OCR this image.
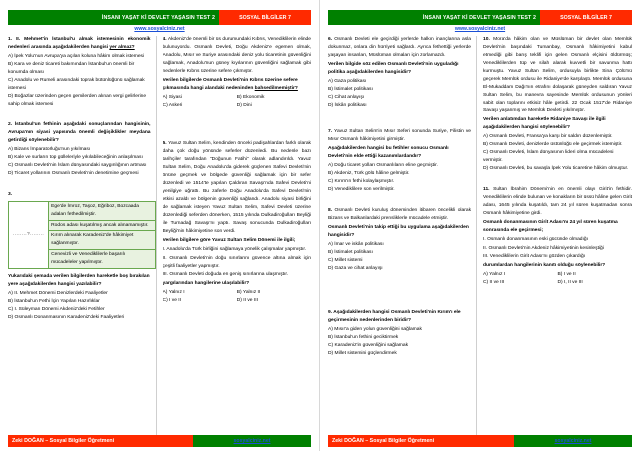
İNSANI YAŞAT Kİ DEVLET YAŞASIN TEST 2	SOSYAL BİLGİLER 7
www.sosyalciniz.net

1. II. Mehmet'in İstanbul'u almak istemesinin ekonomik nedenleri arasında aşağıdakilerden hangisi yer almaz?

A) İpek Yolu'nun Avrupa'ya açılan koluna hâkim olmak istemesi

B) Kara ve deniz ticareti bakımından İstanbul'un önemli bir konumda olması

C) Anadolu ve Rumeli arasındaki toprak bütünlüğünü sağlamak istemesi

D) Boğazlar üzerinden geçen gemilerden alınan vergi gelirlerine sahip olmak istemesi

2. İstanbul'un fethinin aşağıdaki sonuçlarından hangisinin, Avrupa'nın siyasi yapısında önemli değişiklikler meydana getirdiği söylenebilir?

A) Bizans İmparatorluğu'nun yıkılması

B) Kale ve surların top gülleleriyle yıkılabileceğinin anlaşılması

C) Osmanlı Devleti'nin İslam dünyasındaki saygınlığının artması

D) Ticaret yollarının Osmanlı Devleti'nin denetimine geçmesi

3.

........?........
Ege'de İmroz, Taşoz, Eğriboz, Bozcaada adaları fethedilmiştir.
Rodos adası kuşatılmış ancak alınamamıştır.
Kırım alınarak Karadeniz'de hâkimiyet sağlanmıştır.
Cenevizli ve Venediklilerle başarılı mücadeleler yapılmıştır.

Yukarıdaki şemada verilen bilgilerden hareketle boş bırakılan yere aşağıdakilerden hangisi yazılabilir?

A) II. Mehmet Dönemi Denizlerdeki Faaliyetler

B) İstanbul'un Fethi İçin Yapılan Hazırlıklar

C) I. Süleyman Dönemi Akdeniz'deki Fetihler

D) Osmanlı Donanmasının Karadeniz'deki Faaliyetleri

4. Akdeniz'de önemli bir üs durumundaki Kıbrıs, Venediklilerin elinde bulunuyordu. Osmanlı Devleti, Doğu Akdeniz'e egemen olmak, Anadolu, Mısır ve Suriye arasındaki deniz yolu ticaretinin güvenliğini sağlamak, Anadolu'nun güney kıyılarının güvenliğini sağlamak gibi nedenlerle Kıbrıs üzerine sefere çıkmıştır.

Verilen bilgilerde Osmanlı Devleti'nin Kıbrıs üzerine sefere çıkmasında hangi alandaki nedeninden bahsedilmemiştir?

A) Siyasi	B) Ekonomik

C) Askeri	D) Dini

5. Yavuz Sultan Selim, kendinden önceki padişahlardan farklı olarak daha çok doğu yönünde seferler düzenledi. Bu nedenle bazı tarihçiler tarafından "Doğunun Fatihi" olarak adlandırıldı. Yavuz Sultan Selim, Doğu Anadolu'da giderek güçlenen Safevi Devleti'nin önüne geçmek ve bölgede güvenliği sağlamak için bir sefer düzenledi ve 1514'te yapılan Çaldıran Savaşı'nda Safevi Devleti'ni yenilgiye uğrattı. Bu zaferle Doğu Anadolu'da Safevi Devleti'nin etkisi azaldı ve bölgenin güvenliği sağlandı. Anadolu siyasi birliğini de sağlamak isteyen Yavuz Sultan Selim, Safevi Devleti üzerine düzenlediği seferden dönerken, 1515 yılında Dulkadiroğulları Beyliği ile Turnadağ Savaşı'nı yaptı. Savaş sonucunda Dulkadiroğulları Beyliği'nin hâkimiyetine son verdi.

Verilen bilgilere göre Yavuz Sultan Selim Dönemi ile ilgili;

I. Anadolu'da Türk birliğini sağlamaya yönelik çalışmalar yapmıştır.

II. Osmanlı Devleti'nin doğu sınırlarını güvence altına almak için çeşitli faaliyetler yapmıştır.

III. Osmanlı Devleti doğuda en geniş sınırlarına ulaşmıştır.

yargılarından hangilerine ulaşılabilir?

A) Yalnız I	B) Yalnız II

C) I ve II	D) II ve III

Zeki DOĞAN – Sosyal Bilgiler Öğretmeni	sosyalciniz.net
İNSANI YAŞAT Kİ DEVLET YAŞASIN TEST 2	SOSYAL BİLGİLER 7
www.sosyalciniz.net

6. Osmanlı Devleti ele geçirdiği yerlerde halkın inançlarına asla dokunmaz, onlara din hürriyeti sağlardı. Ayrıca fethettiği yerlerde yaşayan insanları, Müslüman olmaları için zorlamazdı.

Verilen bilgide söz edilen Osmanlı Devleti'nin uyguladığı politika aşağıdakilerden hangisidir?

A) Gaza politikası

B) İstimalet politikası

C) Cihat anlayışı

D) İskân politikası

7. Yavuz Sultan Selim'in Mısır Seferi sonunda Suriye, Filistin ve Mısır Osmanlı hâkimiyetini girmiştir.

Aşağıdakilerden hangisi bu fetihler sonucu Osmanlı Devleti'nin elde ettiği kazanımlardandır?

A) Doğu ticaret yolları Osmanlıların eline geçmiştir.

B) Akdeniz, Türk gölü hâline gelmiştir.

C) Kırım'ın fethi kolaylaşmıştır.

D) Venediklilere son verilmiştir.

8. Osmanlı Devleti kuruluş döneminden itibaren öncelikli olarak Bizans ve Balkanlardaki prensliklerle mücadele etmiştir.

Osmanlı Devleti'nin takip ettiği bu uygulama aşağıdakilerden hangisidir?

A) İmar ve iskân politikası

B) İstimalet politikası

C) Millet sistemi

D) Gaza ve cihat anlayışı

9. Aşağıdakilerden hangisi Osmanlı Devleti'nin Kırım'ı ele geçirmesinin nedenlerinden biridir?

A) Mısır'a giden yolun güvenliğini sağlamak

B) İstanbul'un fethini geciktirmek

C) Karadeniz'in güvenliğini sağlamak

D) Millet sistemini güçlendirmek

10. Mora'da hâkim olan ve Müslüman bir devlet olan Memlük Devleti'nin başındaki Tumanbay, Osmanlı hâkimiyetini kabul etmediği gibi barış teklifi için gelen Osmanlı elçisini öldürmüş; Venediklilerden tüp ve silah alarak kuvvetli bir savunma hattı kurmuştu. Yavuz Sultan Selim, ordusuyla birlikte Sina Çölü'nü geçerek Memlük ordusu ile Ridaniye'de karşılaştı. Memlük ordusuna El-Mukaddam Dağı'nın etrafını dolaşarak güneyden saldıran Yavuz Sultan Selim, bu manevra sayesinde Memlük ordusunun yönleri sabit olan toplarını etkisiz hâle getirdi. 22 Ocak 1517'de Ridaniye Savaşı yaşanmış ve Memlük Devleti yıkılmıştır.

Verilen anlatımdan hareketle Ridaniye Savaşı ile ilgili aşağıdakilerden hangisi söylenebilir?

A) Osmanlı Devleti, Fransa'ya karşı bir saldırı düzenlemiştir.

B) Osmanlı Devleti, denizlerde üstünlüğü ele geçirmek istemiştir.

C) Osmanlı Devleti, İslam dünyasının lideri olma mücadelesi vermiştir.

D) Osmanlı Devleti, bu savaşla İpek Yolu ticaretine hâkim olmuştur.

11. Sultan İbrahim Dönemi'nin en önemli olayı Girit'in fethidir. Venediklilerin elinde bulunan ve konakların bir üssü hâline gelen Girit adası, 1645 yılında kuşatıldı, tam 24 yıl süren kuşatmadan sonra Osmanlı hâkimiyetine girdi.

Osmanlı donanmasının Girit Adası'nı 24 yıl süren kuşatma sonrasında ele geçirmesi;

I. Osmanlı donanmasının eski gücünde olmadığı

II. Osmanlı Devleti'nin Akdeniz hâkimiyetinin kesinleştiği

III. Venediklilerin Girit Adası'nı gözden çıkardığı

durumlardan hangilerinin kanıtı olduğu söylenebilir?

A) Yalnız I	B) I ve II

C) II ve III	D) I, II ve III

Zeki DOĞAN – Sosyal Bilgiler Öğretmeni	sosyalciniz.net
